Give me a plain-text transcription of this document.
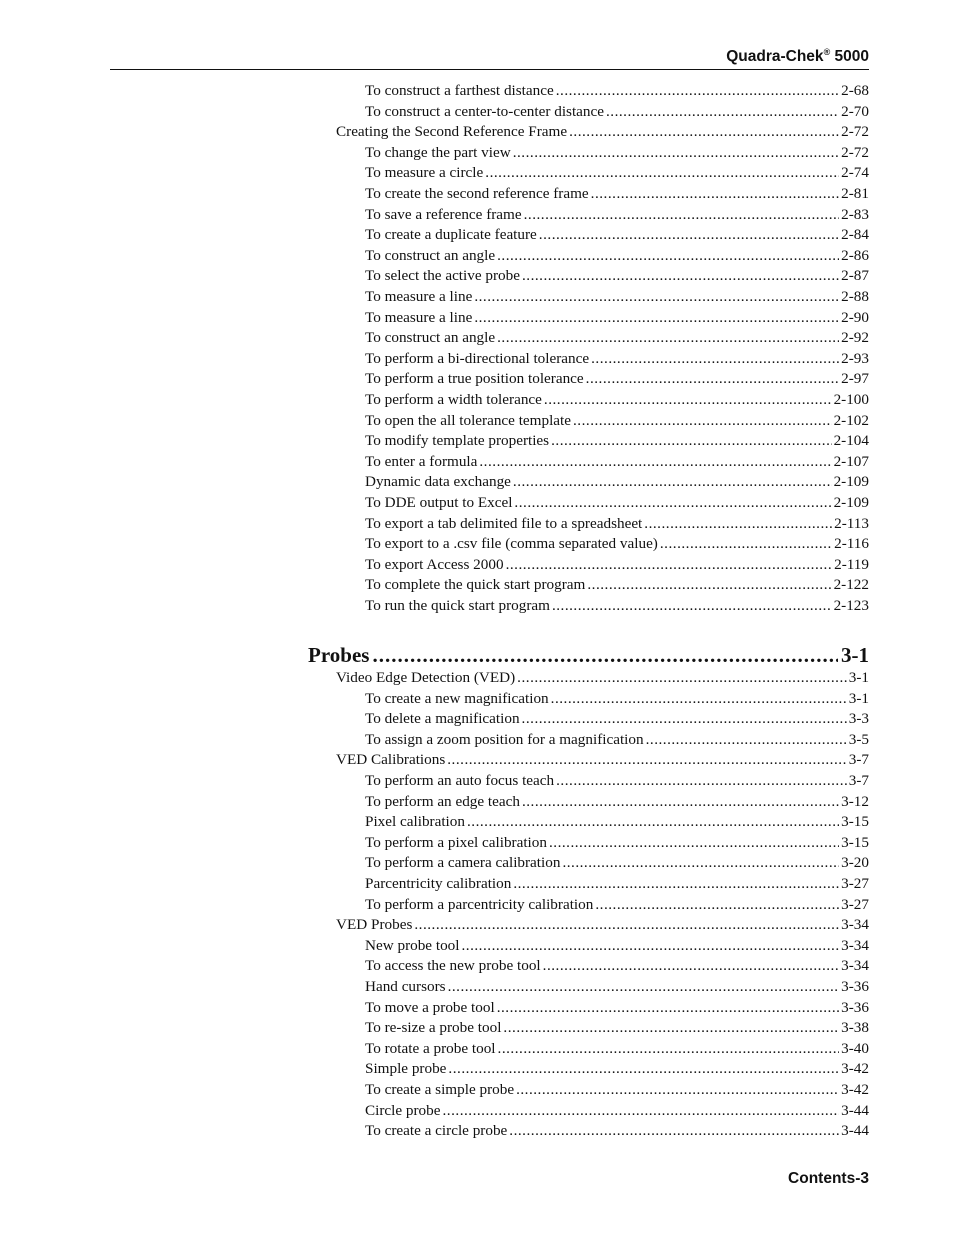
Quadra-Chek® 5000
To construct a farthest distance .....	2-68
To construct a center-to-center distance .....	2-70
Creating the Second Reference Frame .....	2-72
To change the part view .....	2-72
To measure a circle .....	2-74
To create the second reference frame .....	2-81
To save a reference frame .....	2-83
To create a duplicate feature .....	2-84
To construct an angle .....	2-86
To select the active probe .....	2-87
To measure a line .....	2-88
To measure a line .....	2-90
To construct an angle .....	2-92
To perform a bi-directional tolerance .....	2-93
To perform a true position tolerance .....	2-97
To perform a width tolerance .....	2-100
To open the all tolerance template .....	2-102
To modify template properties .....	2-104
To enter a formula .....	2-107
Dynamic data exchange .....	2-109
To DDE output to Excel .....	2-109
To export a tab delimited file to a spreadsheet .....	2-113
To export to a .csv file (comma separated value) .....	2-116
To export Access 2000 .....	2-119
To complete the quick start program .....	2-122
To run the quick start program .....	2-123
Probes .....	3-1
Video Edge Detection (VED) .....	3-1
To create a new magnification .....	3-1
To delete a magnification .....	3-3
To assign a zoom position for a magnification .....	3-5
VED Calibrations .....	3-7
To perform an auto focus teach .....	3-7
To perform an edge teach .....	3-12
Pixel calibration .....	3-15
To perform a pixel calibration .....	3-15
To perform a camera calibration .....	3-20
Parcentricity calibration .....	3-27
To perform a parcentricity calibration .....	3-27
VED Probes .....	3-34
New probe tool .....	3-34
To access the new probe tool .....	3-34
Hand cursors .....	3-36
To move a probe tool .....	3-36
To re-size a probe tool .....	3-38
To rotate a probe tool .....	3-40
Simple probe .....	3-42
To create a simple probe .....	3-42
Circle probe .....	3-44
To create a circle probe .....	3-44
Contents-3
